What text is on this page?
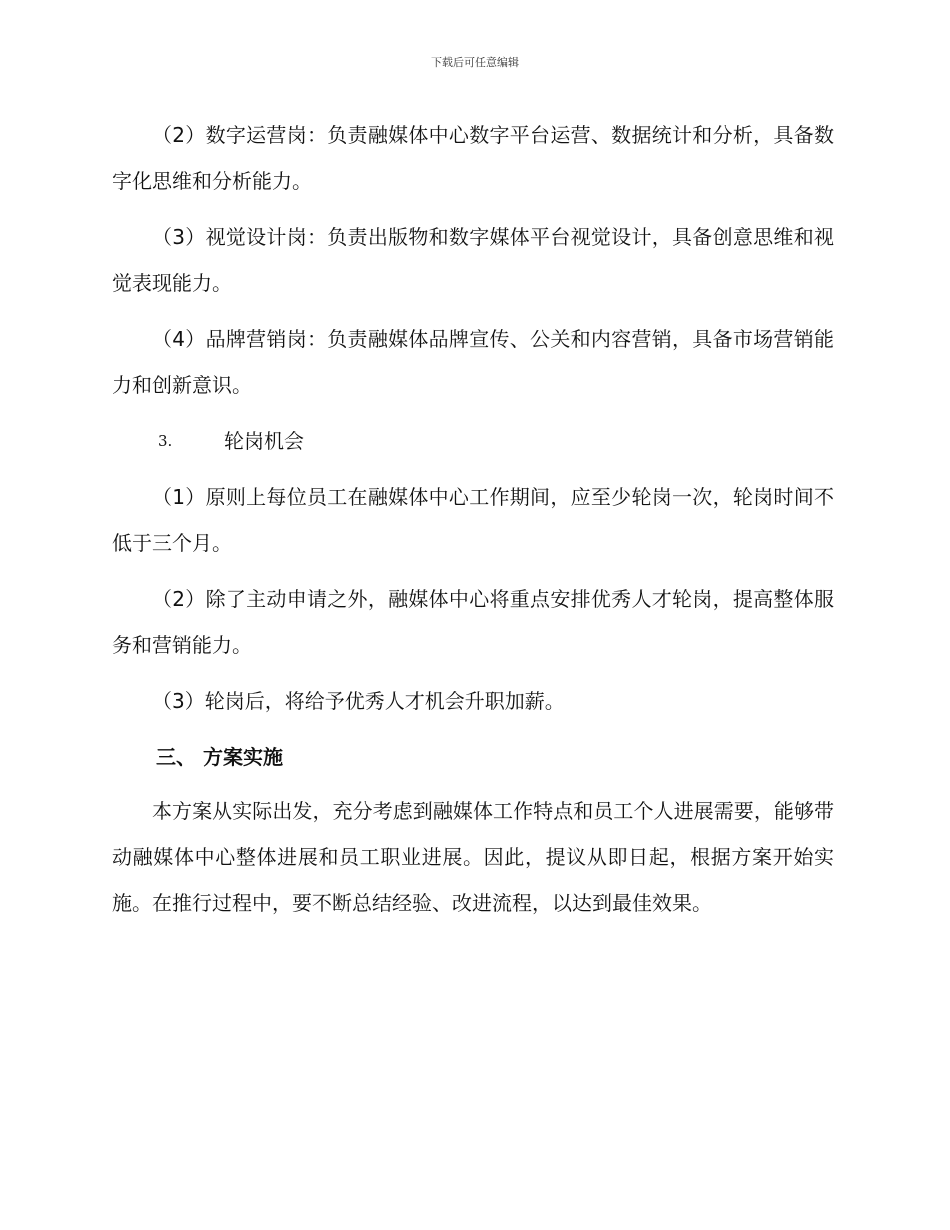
下载后可任意编辑

（2）数字运营岗：负责融媒体中心数字平台运营、数据统计和分析，具备数字化思维和分析能力。

（3）视觉设计岗：负责出版物和数字媒体平台视觉设计，具备创意思维和视觉表现能力。

（4）品牌营销岗：负责融媒体品牌宣传、公关和内容营销，具备市场营销能力和创新意识。

3.	轮岗机会

（1）原则上每位员工在融媒体中心工作期间，应至少轮岗一次，轮岗时间不低于三个月。

（2）除了主动申请之外，融媒体中心将重点安排优秀人才轮岗，提高整体服务和营销能力。

（3）轮岗后，将给予优秀人才机会升职加薪。

三、 方案实施

本方案从实际出发，充分考虑到融媒体工作特点和员工个人进展需要，能够带动融媒体中心整体进展和员工职业进展。因此，提议从即日起，根据方案开始实施。在推行过程中，要不断总结经验、改进流程，以达到最佳效果。
